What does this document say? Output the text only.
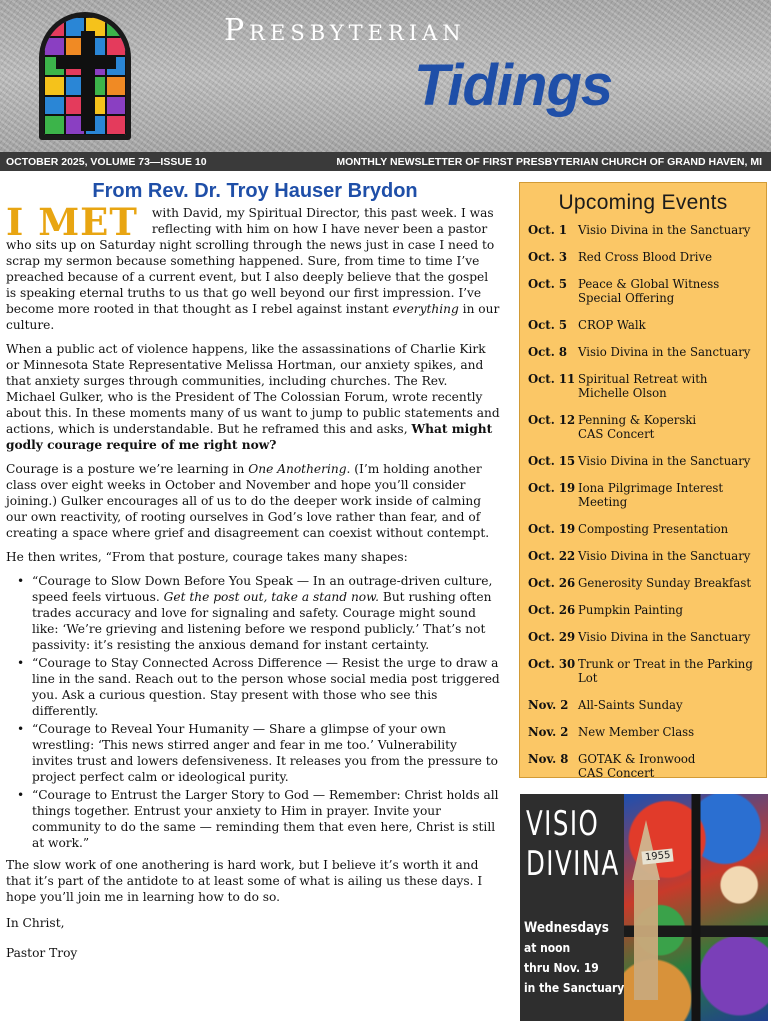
Presbyterian
Tidings
OCTOBER 2025, VOLUME 73—ISSUE 10	MONTHLY NEWSLETTER OF FIRST PRESBYTERIAN CHURCH OF GRAND HAVEN, MI
From Rev. Dr. Troy Hauser Brydon

I MET with David, my Spiritual Director, this past week. I was reflecting with him on how I have never been a pastor who sits up on Saturday night scrolling through the news just in case I need to scrap my sermon because something happened. Sure, from time to time I’ve preached because of a current event, but I also deeply believe that the gospel is speaking eternal truths to us that go well beyond our first impression. I’ve become more rooted in that thought as I rebel against instant everything in our culture.

When a public act of violence happens, like the assassinations of Charlie Kirk or Minnesota State Representative Melissa Hortman, our anxiety spikes, and that anxiety surges through communities, including churches. The Rev. Michael Gulker, who is the President of The Colossian Forum, wrote recently about this. In these moments many of us want to jump to public statements and actions, which is understandable. But he reframed this and asks, What might godly courage require of me right now?

Courage is a posture we’re learning in One Anothering. (I’m holding another class over eight weeks in October and November and hope you’ll consider joining.) Gulker encourages all of us to do the deeper work inside of calming our own reactivity, of rooting ourselves in God’s love rather than fear, and of creating a space where grief and disagreement can coexist without contempt.

He then writes, “From that posture, courage takes many shapes:

• “Courage to Slow Down Before You Speak — In an outrage-driven culture, speed feels virtuous. Get the post out, take a stand now. But rushing often trades accuracy and love for signaling and safety. Courage might sound like: ‘We’re grieving and listening before we respond publicly.’ That’s not passivity: it’s resisting the anxious demand for instant certainty.
• “Courage to Stay Connected Across Difference — Resist the urge to draw a line in the sand. Reach out to the person whose social media post triggered you. Ask a curious question. Stay present with those who see this differently.
• “Courage to Reveal Your Humanity — Share a glimpse of your own wrestling: ‘This news stirred anger and fear in me too.’ Vulnerability invites trust and lowers defensiveness. It releases you from the pressure to project perfect calm or ideological purity.
• “Courage to Entrust the Larger Story to God — Remember: Christ holds all things together. Entrust your anxiety to Him in prayer. Invite your community to do the same — reminding them that even here, Christ is still at work.”

The slow work of one anothering is hard work, but I believe it’s worth it and that it’s part of the antidote to at least some of what is ailing us these days. I hope you’ll join me in learning how to do so.

In Christ,
Pastor Troy
Upcoming Events
Oct. 1 Visio Divina in the Sanctuary
Oct. 3 Red Cross Blood Drive
Oct. 5 Peace & Global Witness
Special Offering
Oct. 5 CROP Walk
Oct. 8 Visio Divina in the Sanctuary
Oct. 11 Spiritual Retreat with
Michelle Olson
Oct. 12 Penning & Koperski
CAS Concert
Oct. 15 Visio Divina in the Sanctuary
Oct. 19 Iona Pilgrimage Interest Meeting
Oct. 19 Composting Presentation
Oct. 22 Visio Divina in the Sanctuary
Oct. 26 Generosity Sunday Breakfast
Oct. 26 Pumpkin Painting
Oct. 29 Visio Divina in the Sanctuary
Oct. 30 Trunk or Treat in the Parking Lot
Nov. 2 All-Saints Sunday
Nov. 2 New Member Class
Nov. 8 GOTAK & Ironwood
CAS Concert
VISIO
DIVINA
Wednesdays
at noon
thru Nov. 19
in the Sanctuary
1955
